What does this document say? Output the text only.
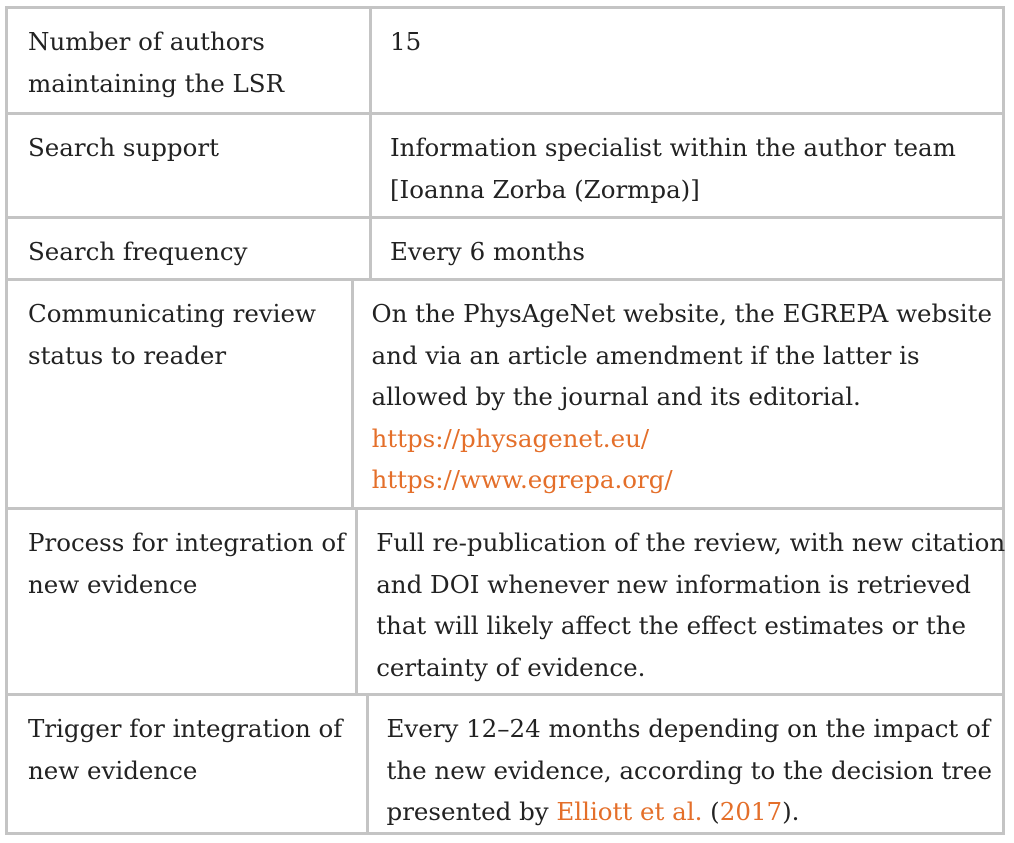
Number of authors
maintaining the LSR
15
Search support	Information specialist within the author team
[Ioanna Zorba (Zormpa)]
Search frequency	Every 6 months
Communicating review
status to reader
On the PhysAgeNet website, the EGREPA website
and via an article amendment if the latter is
allowed by the journal and its editorial.
https://physagenet.eu/
https://www.egrepa.org/
Process for integration of
new evidence
Full re-publication of the review, with new citation
and DOI whenever new information is retrieved
that will likely affect the effect estimates or the
certainty of evidence.
Trigger for integration of
new evidence
Every 12–24 months depending on the impact of
the new evidence, according to the decision tree
presented by Elliott et al. (2017).
